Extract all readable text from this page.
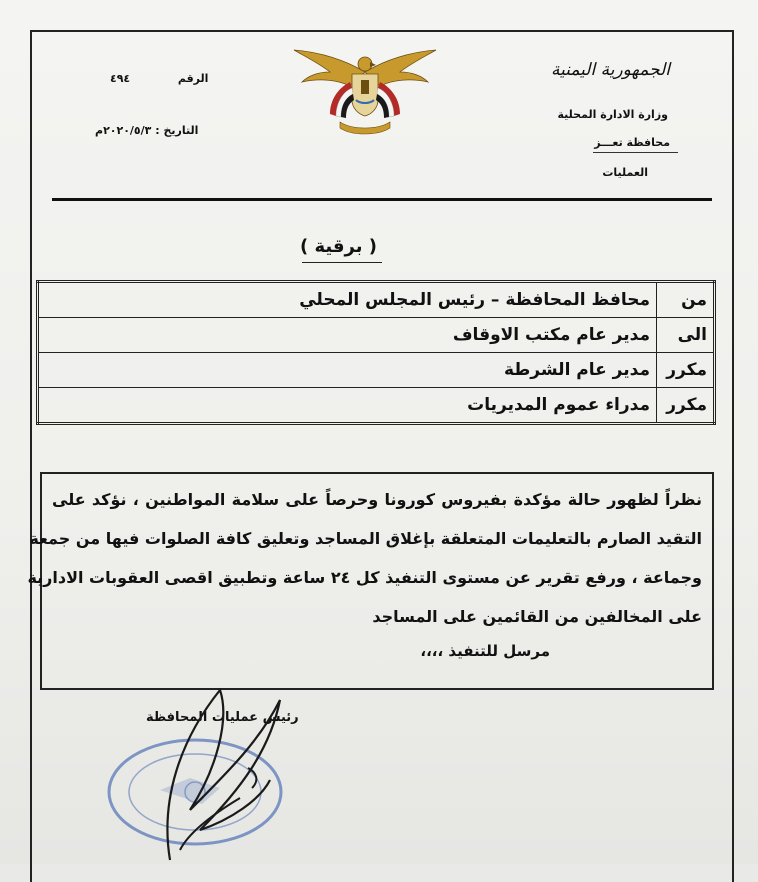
الجمهورية اليمنية
وزارة الادارة المحلية
محافظة تعـــز
العمليات
الرقم  ٤٩٤
التاريخ : ٢٠٢٠/٥/٣م
( برقية )
من	محافظ المحافظة – رئيس المجلس المحلي
الى	مدير عام مكتب الاوقاف
مكرر	مدير عام الشرطة
مكرر	مدراء عموم المديريات
نظراً لظهور حالة مؤكدة بفيروس كورونا وحرصاً على سلامة المواطنين ، نؤكد على
التقيد الصارم بالتعليمات المتعلقة بإغلاق المساجد وتعليق كافة الصلوات فيها من جمعة
وجماعة ، ورفع تقرير عن مستوى التنفيذ كل ٢٤ ساعة وتطبيق اقصى العقوبات الادارية
على المخالفين من القائمين على المساجد
مرسل للتنفيذ ،،،،
رئيس عمليات المحافظة
